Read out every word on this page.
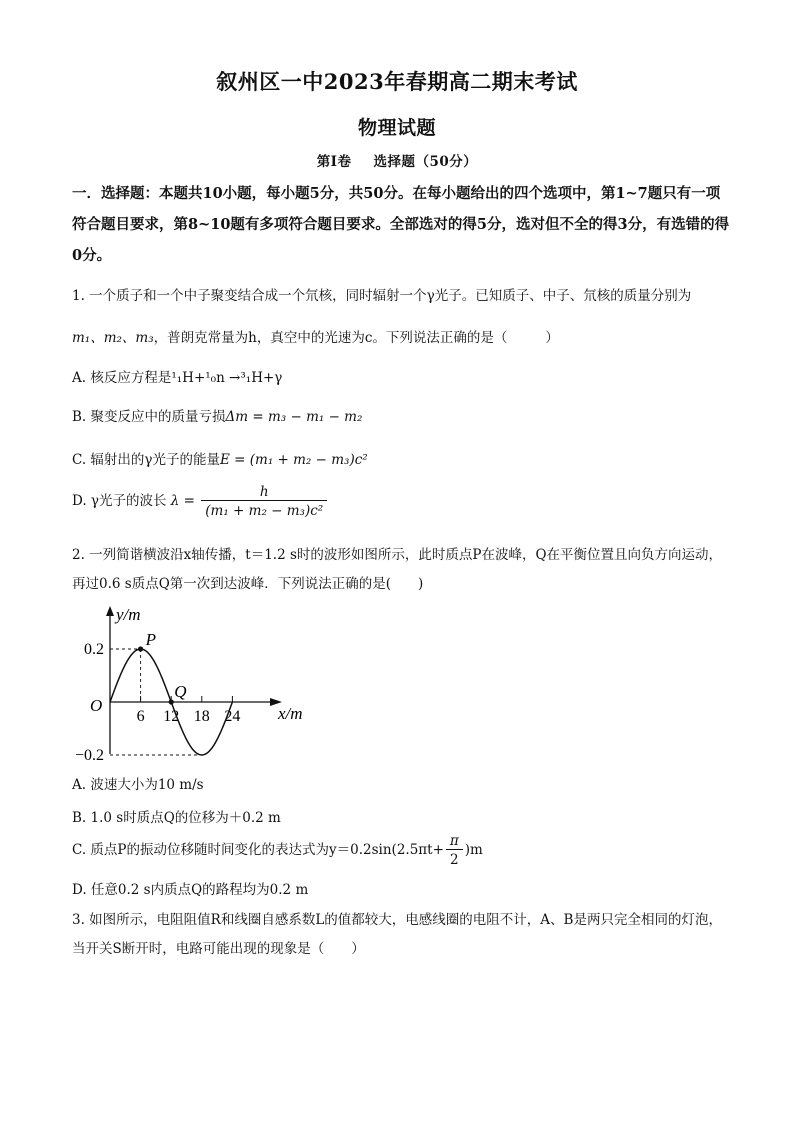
叙州区一中2023年春期高二期末考试
物理试题
第I卷 选择题（50分）
一．选择题：本题共10小题，每小题5分，共50分。在每小题给出的四个选项中，第1~7题只有一项符合题目要求，第8~10题有多项符合题目要求。全部选对的得5分，选对但不全的得3分，有选错的得0分。
1. 一个质子和一个中子聚变结合成一个氘核，同时辐射一个γ光子。已知质子、中子、氘核的质量分别为
m₁、m₂、m₃，普朗克常量为h，真空中的光速为c。下列说法正确的是（	）
A. 核反应方程是¹₁H+¹₀n →³₁H+γ
B. 聚变反应中的质量亏损Δm = m₃ − m₁ − m₂
C. 辐射出的γ光子的能量E = (m₁ + m₂ − m₃)c²
D. γ光子的波长 $\lambda = \frac{h}{\text{(m₁ + m₂ − m₃)c²}}$
2. 一列简谐横波沿x轴传播，t＝1.2 s时的波形如图所示，此时质点P在波峰，Q在平衡位置且向负方向运动，再过0.6 s质点Q第一次到达波峰．下列说法正确的是(　　)
y/m
x/m
O
6 12 18 24
0.2
−0.2
P
Q
A. 波速大小为10 m/s
B. 1.0 s时质点Q的位移为＋0.2 m
C. 质点P的振动位移随时间变化的表达式为$y=0.2\sin(2.5\pi t+ \frac{\pi}{2} )m$
D. 任意0.2 s内质点Q的路程均为0.2 m
3. 如图所示，电阻阻值R和线圈自感系数L的值都较大，电感线圈的电阻不计，A、B是两只完全相同的灯泡，当开关S断开时，电路可能出现的现象是（　　）
